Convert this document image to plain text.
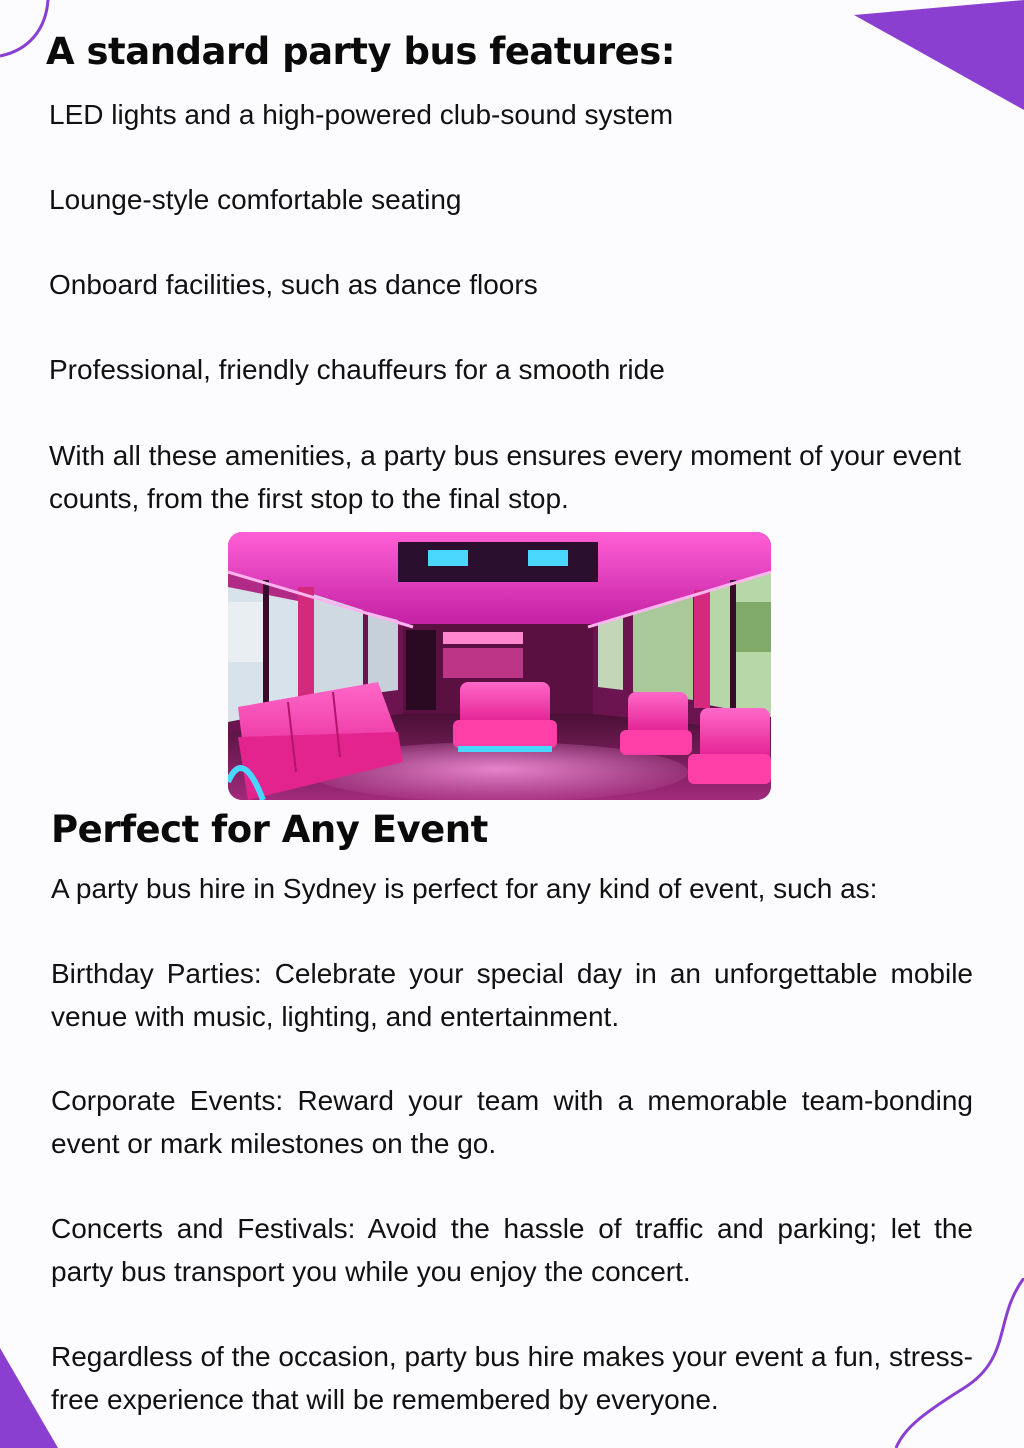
A standard party bus features:

LED lights and a high-powered club-sound system

Lounge-style comfortable seating

Onboard facilities, such as dance floors

Professional, friendly chauffeurs for a smooth ride

With all these amenities, a party bus ensures every moment of your event counts, from the first stop to the final stop.

Perfect for Any Event

A party bus hire in Sydney is perfect for any kind of event, such as:

Birthday Parties: Celebrate your special day in an unforgettable mobile venue with music, lighting, and entertainment.

Corporate Events: Reward your team with a memorable team-bonding event or mark milestones on the go.

Concerts and Festivals: Avoid the hassle of traffic and parking; let the party bus transport you while you enjoy the concert.

Regardless of the occasion, party bus hire makes your event a fun, stress-free experience that will be remembered by everyone.
